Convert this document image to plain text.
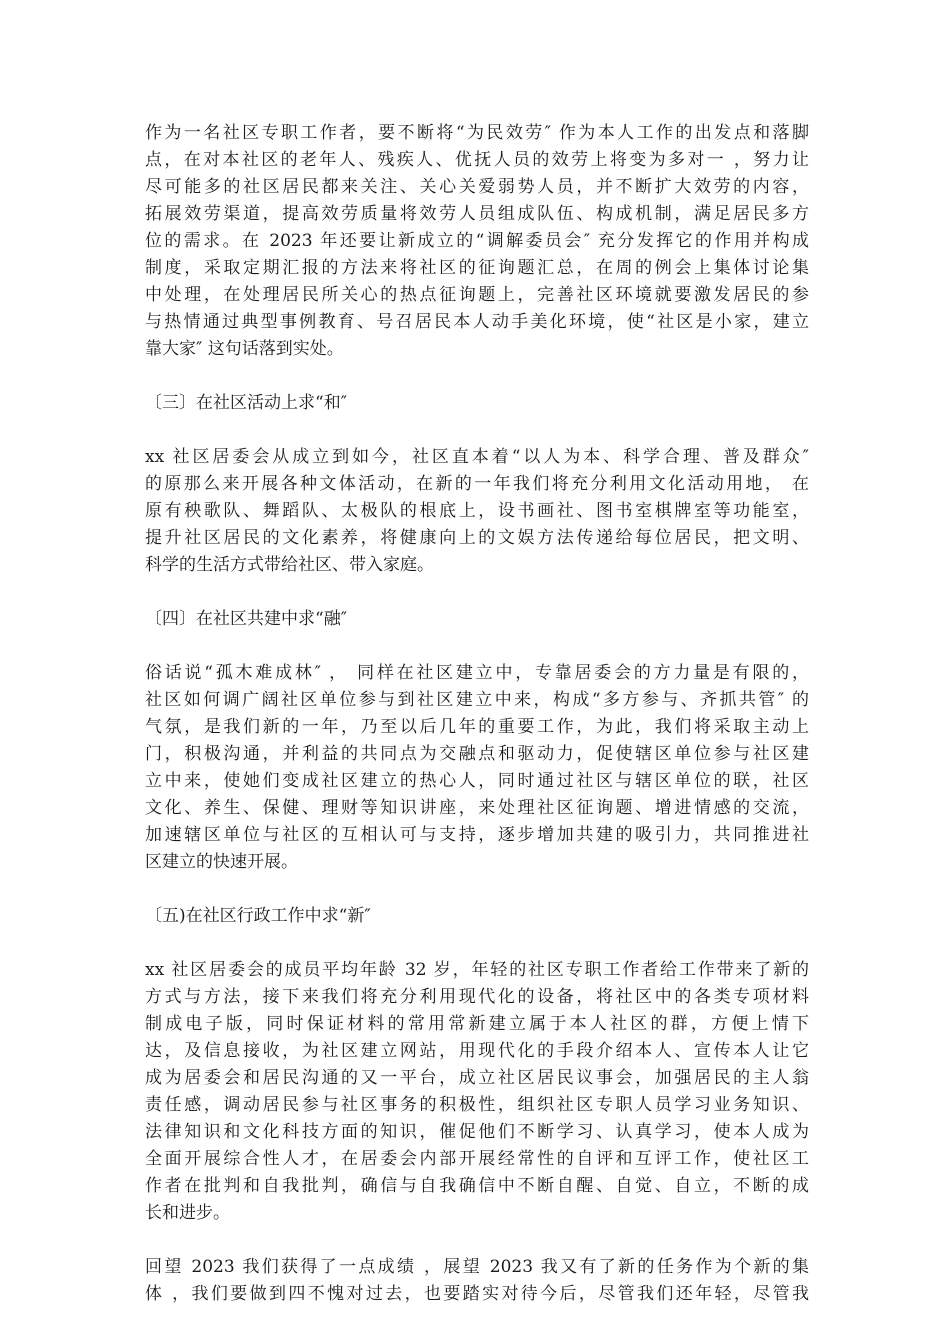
作为一名社区专职工作者，要不断将“为民效劳″ 作为本人工作的出发点和落脚
点，在对本社区的老年人、残疾人、优抚人员的效劳上将变为多对一 ，努力让
尽可能多的社区居民都来关注、关心关爱弱势人员，并不断扩大效劳的内容，
拓展效劳渠道，提高效劳质量将效劳人员组成队伍、构成机制，满足居民多方
位的需求。在 2023 年还要让新成立的“调解委员会″ 充分发挥它的作用并构成
制度，采取定期汇报的方法来将社区的征询题汇总，在周的例会上集体讨论集
中处理，在处理居民所关心的热点征询题上，完善社区环境就要激发居民的参
与热情通过典型事例教育、号召居民本人动手美化环境，使“社区是小家，建立
靠大家″ 这句话落到实处。
〔三〕在社区活动上求“和″
xx 社区居委会从成立到如今，社区直本着“以人为本、科学合理、普及群众″
的原那么来开展各种文体活动，在新的一年我们将充分利用文化活动用地， 在
原有秧歌队、舞蹈队、太极队的根底上，设书画社、图书室棋牌室等功能室，
提升社区居民的文化素养，将健康向上的文娱方法传递给每位居民，把文明、
科学的生活方式带给社区、带入家庭。
〔四〕在社区共建中求“融″
俗话说“孤木难成林″ ， 同样在社区建立中，专靠居委会的方力量是有限的，
社区如何调广阔社区单位参与到社区建立中来，构成“多方参与、齐抓共管″ 的
气氛，是我们新的一年，乃至以后几年的重要工作，为此，我们将采取主动上
门，积极沟通，并利益的共同点为交融点和驱动力，促使辖区单位参与社区建
立中来，使她们变成社区建立的热心人，同时通过社区与辖区单位的联，社区
文化、养生、保健、理财等知识讲座，来处理社区征询题、增进情感的交流，
加速辖区单位与社区的互相认可与支持，逐步增加共建的吸引力，共同推进社
区建立的快速开展。
〔五)在社区行政工作中求“新″
xx 社区居委会的成员平均年龄 32 岁，年轻的社区专职工作者给工作带来了新的
方式与方法，接下来我们将充分利用现代化的设备，将社区中的各类专项材料
制成电子版，同时保证材料的常用常新建立属于本人社区的群，方便上情下
达，及信息接收，为社区建立网站，用现代化的手段介绍本人、宣传本人让它
成为居委会和居民沟通的又一平台，成立社区居民议事会，加强居民的主人翁
责任感，调动居民参与社区事务的积极性，组织社区专职人员学习业务知识、
法律知识和文化科技方面的知识，催促他们不断学习、认真学习，使本人成为
全面开展综合性人才，在居委会内部开展经常性的自评和互评工作，使社区工
作者在批判和自我批判，确信与自我确信中不断自醒、自觉、自立，不断的成
长和进步。
回望 2023 我们获得了一点成绩 ，展望 2023 我又有了新的任务作为个新的集
体 ，我们要做到四不愧对过去，也要踏实对待今后，尽管我们还年轻，尽管我
